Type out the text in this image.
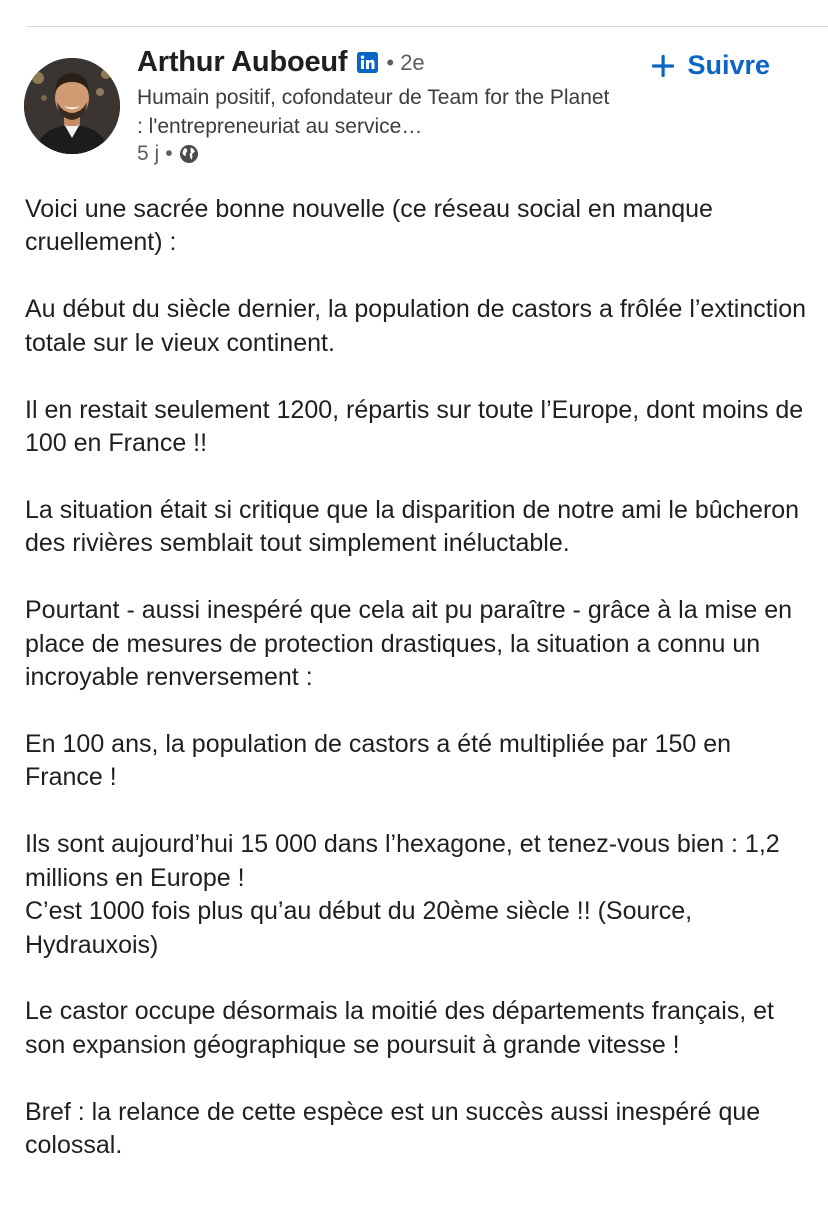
Arthur Auboeuf • 2e
Humain positif, cofondateur de Team for the Planet : l'entrepreneuriat au service…
5 j •
Suivre

Voici une sacrée bonne nouvelle (ce réseau social en manque cruellement) :

Au début du siècle dernier, la population de castors a frôlée l’extinction totale sur le vieux continent.

Il en restait seulement 1200, répartis sur toute l’Europe, dont moins de 100 en France !!

La situation était si critique que la disparition de notre ami le bûcheron des rivières semblait tout simplement inéluctable.

Pourtant - aussi inespéré que cela ait pu paraître - grâce à la mise en place de mesures de protection drastiques, la situation a connu un incroyable renversement :

En 100 ans, la population de castors a été multipliée par 150 en France !

Ils sont aujourd’hui 15 000 dans l’hexagone, et tenez-vous bien : 1,2 millions en Europe !
C’est 1000 fois plus qu’au début du 20ème siècle !! (Source, Hydrauxois)

Le castor occupe désormais la moitié des départements français, et son expansion géographique se poursuit à grande vitesse !

Bref : la relance de cette espèce est un succès aussi inespéré que colossal.
